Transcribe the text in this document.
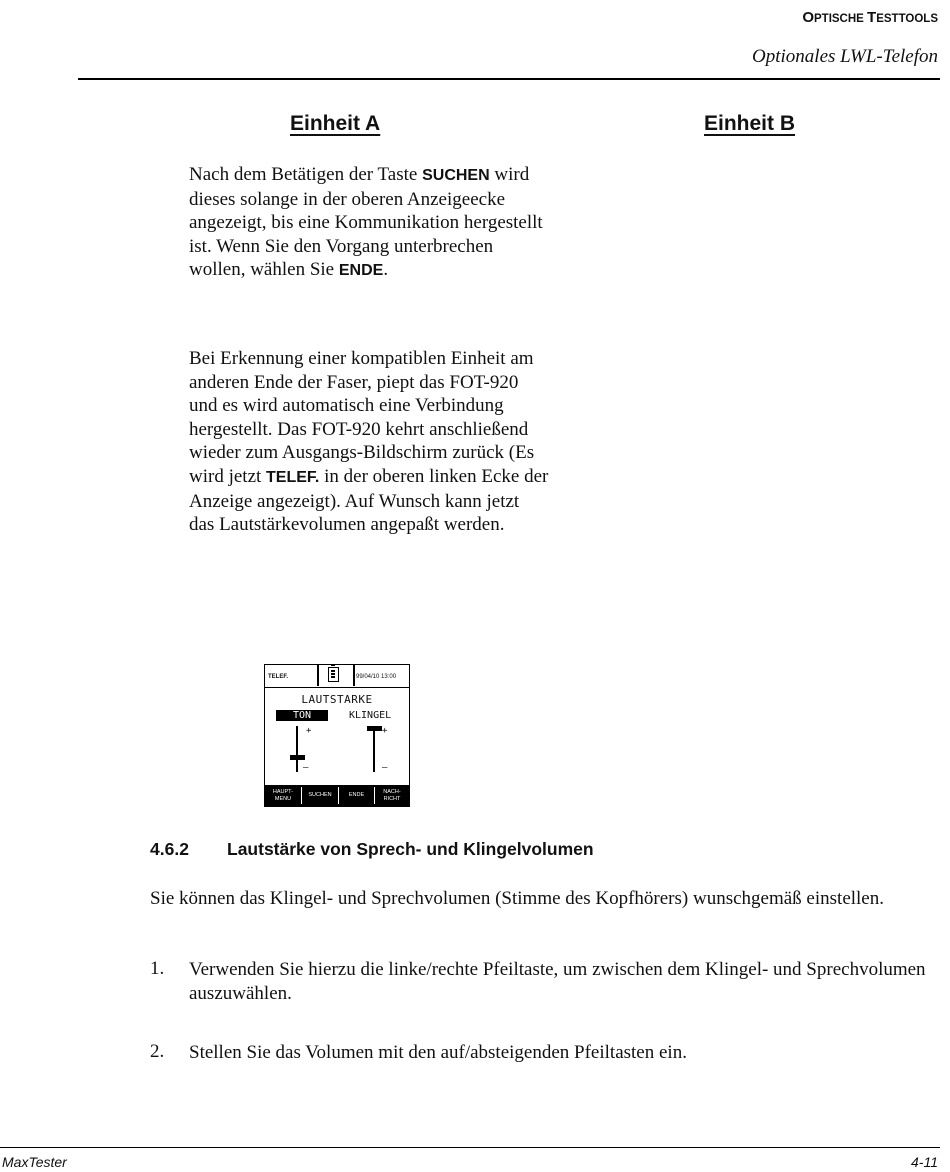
OPTISCHE TESTTOOLS
Optionales LWL-Telefon
Einheit A	Einheit B
Nach dem Betätigen der Taste SUCHEN wird dieses solange in der oberen Anzeigeecke angezeigt, bis eine Kommunikation hergestellt ist. Wenn Sie den Vorgang unterbrechen wollen, wählen Sie ENDE.
Bei Erkennung einer kompatiblen Einheit am anderen Ende der Faser, piept das FOT-920 und es wird automatisch eine Verbindung hergestellt. Das FOT-920 kehrt anschließend wieder zum Ausgangs-Bildschirm zurück (Es wird jetzt TELEF. in der oberen linken Ecke der Anzeige angezeigt). Auf Wunsch kann jetzt das Lautstärkevolumen angepaßt werden.
TELEF.	99/04/10 13:00
LAUTSTARKE
TON	KLINGEL
+
–
+
–
HAUPT-
MENU
SUCHEN	ENDE
NACH-
RICHT
4.6.2 Lautstärke von Sprech- und Klingelvolumen
Sie können das Klingel- und Sprechvolumen (Stimme des Kopfhörers) wunschgemäß einstellen.
1. Verwenden Sie hierzu die linke/rechte Pfeiltaste, um zwischen dem Klingel- und Sprechvolumen auszuwählen.
2. Stellen Sie das Volumen mit den auf/absteigenden Pfeiltasten ein.
MaxTester	4-11
